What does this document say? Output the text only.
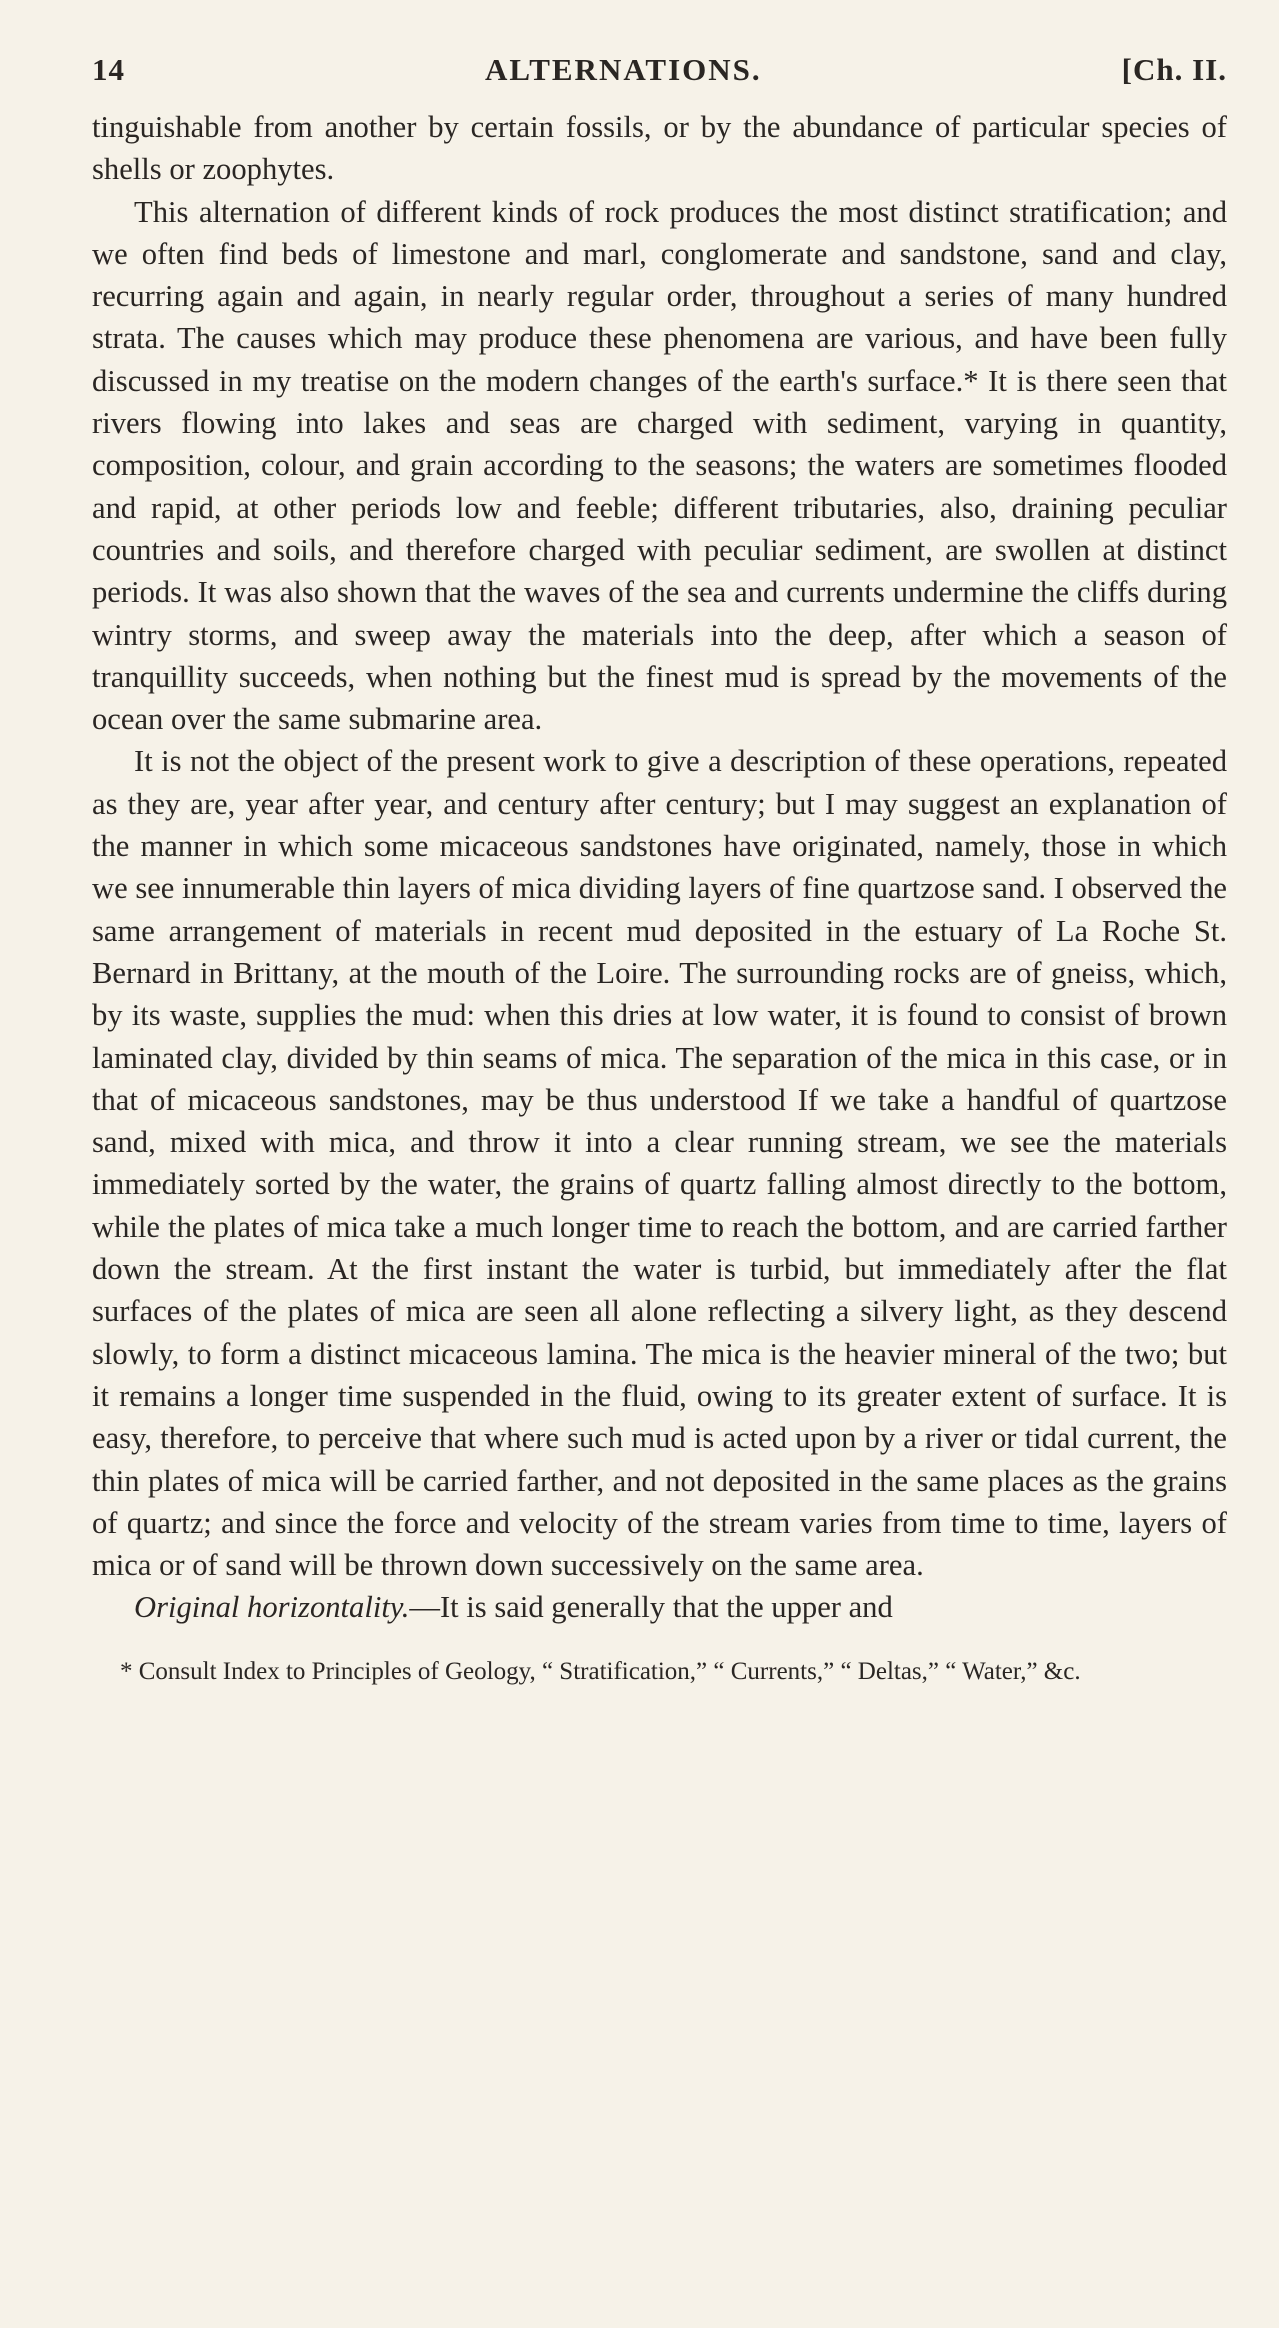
14	ALTERNATIONS.	[Ch. II.

tinguishable from another by certain fossils, or by the abundance of particular species of shells or zoophytes.

This alternation of different kinds of rock produces the most distinct stratification; and we often find beds of limestone and marl, conglomerate and sandstone, sand and clay, recurring again and again, in nearly regular order, throughout a series of many hundred strata. The causes which may produce these phenomena are various, and have been fully discussed in my treatise on the modern changes of the earth's surface.* It is there seen that rivers flowing into lakes and seas are charged with sediment, varying in quantity, composition, colour, and grain according to the seasons; the waters are sometimes flooded and rapid, at other periods low and feeble; different tributaries, also, draining peculiar countries and soils, and therefore charged with peculiar sediment, are swollen at distinct periods. It was also shown that the waves of the sea and currents undermine the cliffs during wintry storms, and sweep away the materials into the deep, after which a season of tranquillity succeeds, when nothing but the finest mud is spread by the movements of the ocean over the same submarine area.

It is not the object of the present work to give a description of these operations, repeated as they are, year after year, and century after century; but I may suggest an explanation of the manner in which some micaceous sandstones have originated, namely, those in which we see innumerable thin layers of mica dividing layers of fine quartzose sand. I observed the same arrangement of materials in recent mud deposited in the estuary of La Roche St. Bernard in Brittany, at the mouth of the Loire. The surrounding rocks are of gneiss, which, by its waste, supplies the mud: when this dries at low water, it is found to consist of brown laminated clay, divided by thin seams of mica. The separation of the mica in this case, or in that of micaceous sandstones, may be thus understood If we take a handful of quartzose sand, mixed with mica, and throw it into a clear running stream, we see the materials immediately sorted by the water, the grains of quartz falling almost directly to the bottom, while the plates of mica take a much longer time to reach the bottom, and are carried farther down the stream. At the first instant the water is turbid, but immediately after the flat surfaces of the plates of mica are seen all alone reflecting a silvery light, as they descend slowly, to form a distinct micaceous lamina. The mica is the heavier mineral of the two; but it remains a longer time suspended in the fluid, owing to its greater extent of surface. It is easy, therefore, to perceive that where such mud is acted upon by a river or tidal current, the thin plates of mica will be carried farther, and not deposited in the same places as the grains of quartz; and since the force and velocity of the stream varies from time to time, layers of mica or of sand will be thrown down successively on the same area.

Original horizontality.—It is said generally that the upper and

* Consult Index to Principles of Geology, “ Stratification,” “ Currents,” “ Deltas,” “ Water,” &c.
